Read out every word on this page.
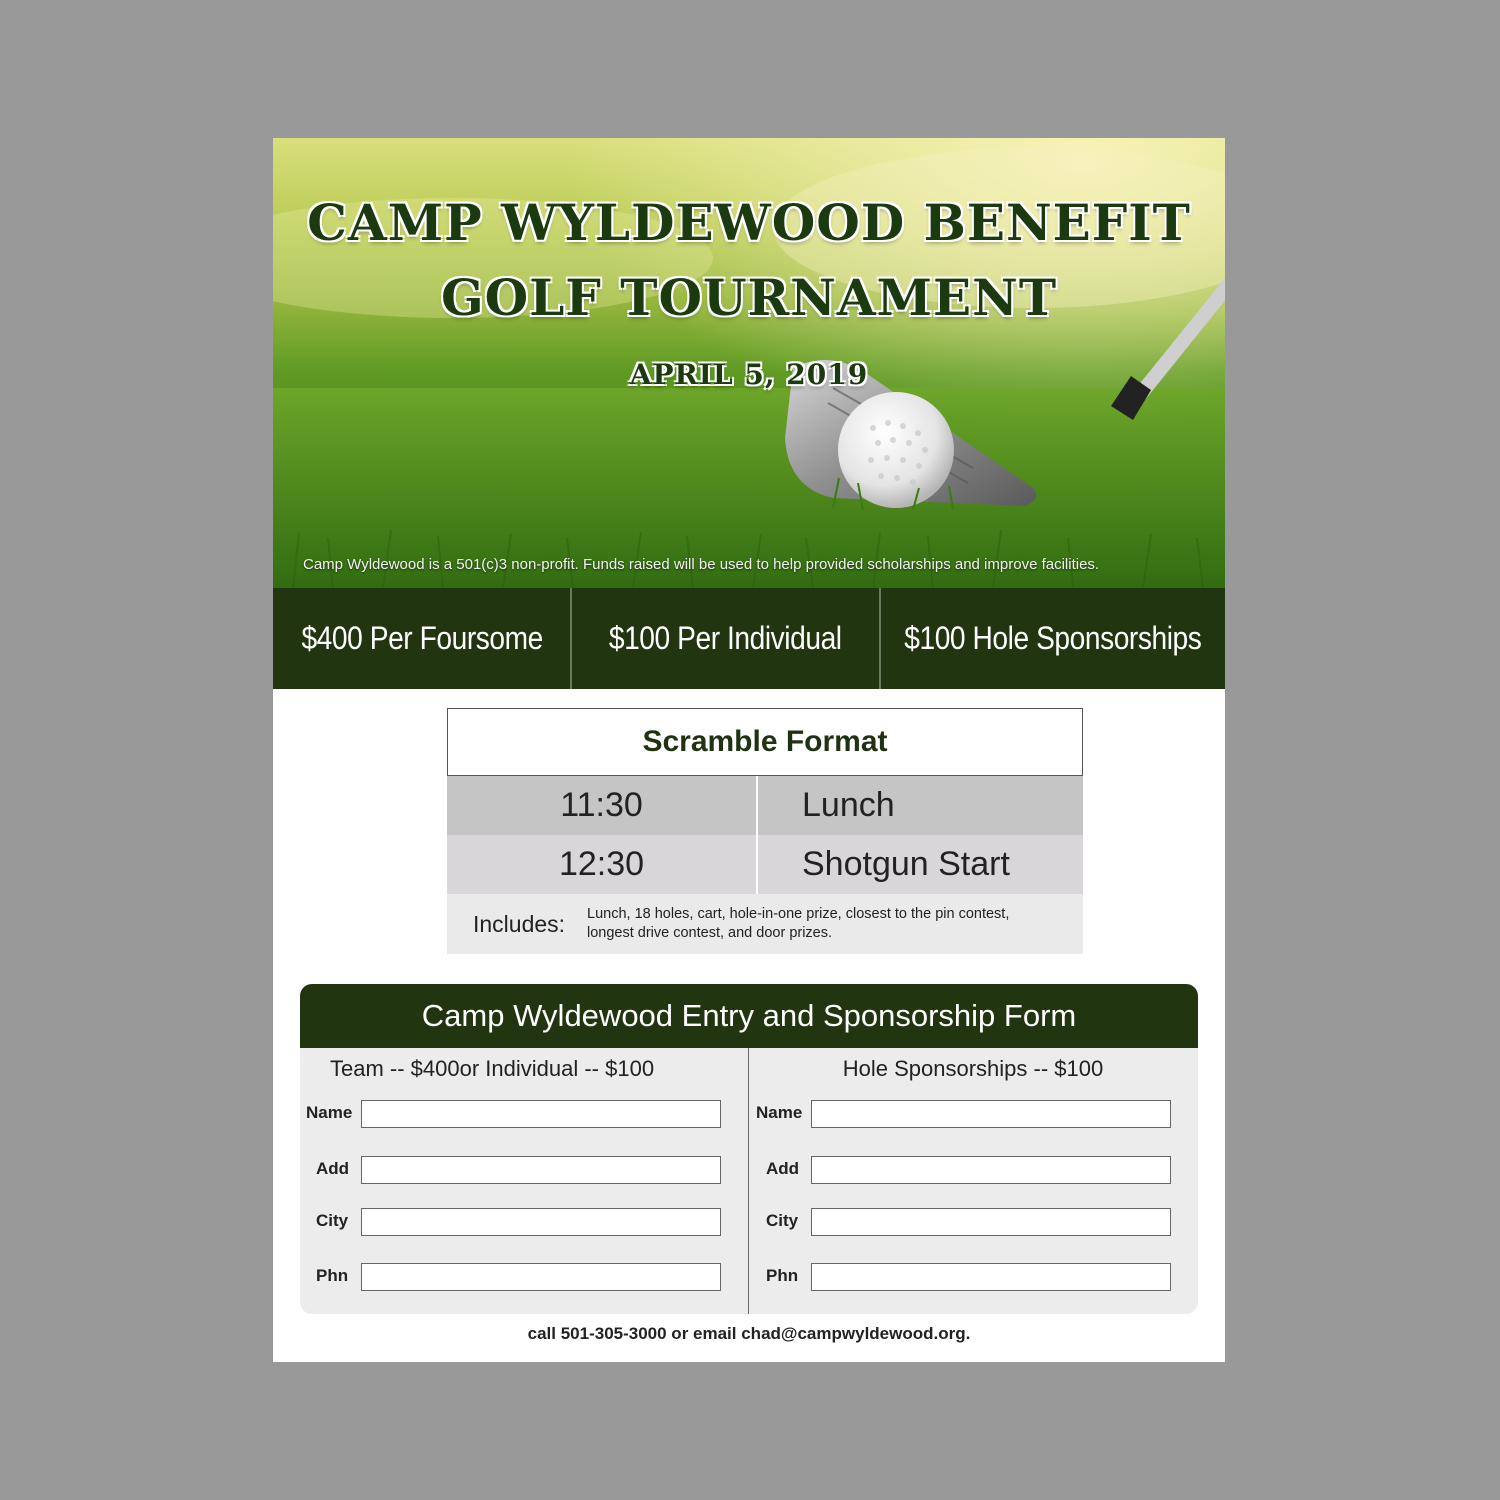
CAMP WYLDEWOOD BENEFIT
GOLF TOURNAMENT
APRIL 5, 2019
Camp Wyldewood is a 501(c)3 non-profit. Funds raised will be used to help provided scholarships and improve facilities.
$400 Per Foursome $100 Per Individual $100 Hole Sponsorships
Scramble Format
11:30	Lunch
12:30	Shotgun Start
Includes:	Lunch, 18 holes, cart, hole-in-one prize, closest to the pin contest, longest drive contest, and door prizes.
Camp Wyldewood Entry and Sponsorship Form
Team -- $400or Individual -- $100
Name
Add
City
Phn
Hole Sponsorships -- $100
Name
Add
City
Phn
call 501-305-3000 or email chad@campwyldewood.org.
